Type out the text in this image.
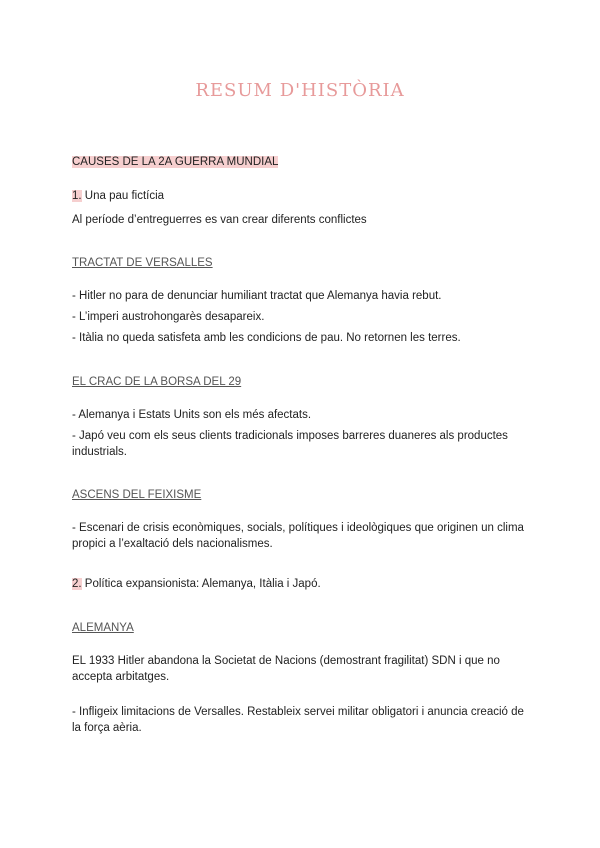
RESUM D'HISTÒRIA
CAUSES DE LA 2A GUERRA MUNDIAL
1. Una pau fictícia
Al període d’entreguerres es van crear diferents conflictes
TRACTAT DE VERSALLES
- Hitler no para de denunciar humiliant tractat que Alemanya havia rebut.
- L’imperi austrohongarès desapareix.
- Itàlia no queda satisfeta amb les condicions de pau. No retornen les terres.
EL CRAC DE LA BORSA DEL 29
- Alemanya i Estats Units son els més afectats.
- Japó veu com els seus clients tradicionals imposes barreres duaneres als productes industrials.
ASCENS DEL FEIXISME
- Escenari de crisis econòmiques, socials, polítiques i ideològiques que originen un clima propici a l’exaltació dels nacionalismes.
2. Política expansionista: Alemanya, Itàlia i Japó.
ALEMANYA
EL 1933 Hitler abandona la Societat de Nacions (demostrant fragilitat) SDN i que no accepta arbitatges.
- Infligeix limitacions de Versalles. Restableix servei militar obligatori i anuncia creació de la força aèria.
